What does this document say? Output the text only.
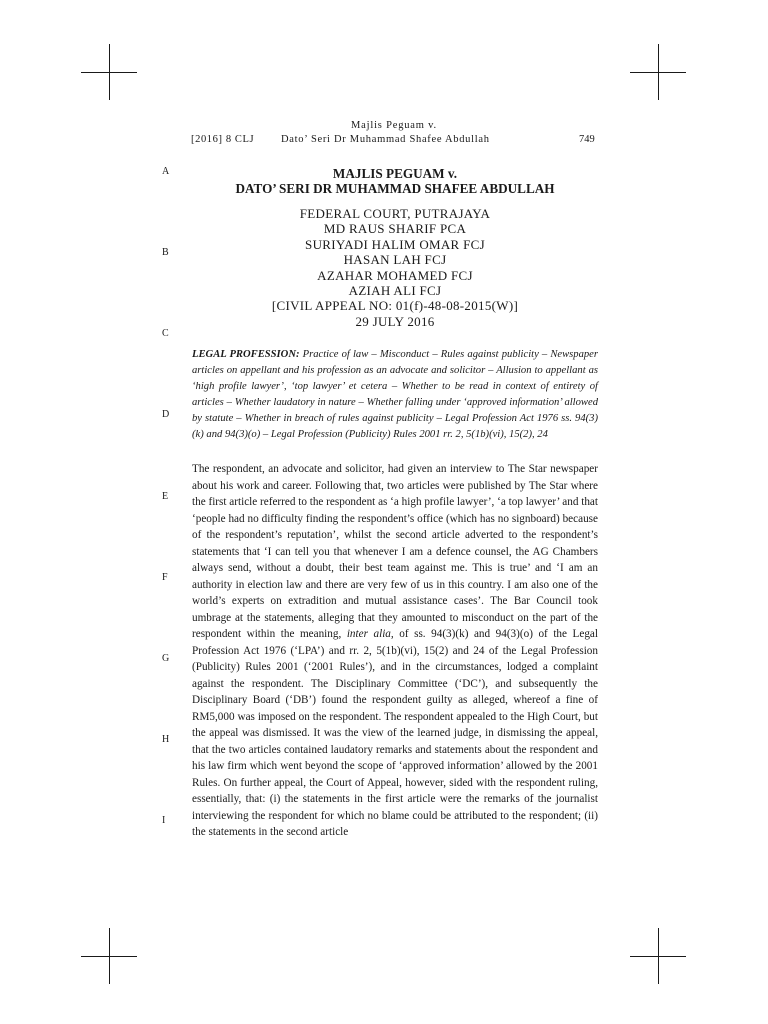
Majlis Peguam v.
[2016] 8 CLJ	Dato’ Seri Dr Muhammad Shafee Abdullah	749
A
B
C
D
E
F
G
H
I
MAJLIS PEGUAM v.
DATO’ SERI DR MUHAMMAD SHAFEE ABDULLAH
FEDERAL COURT, PUTRAJAYA
MD RAUS SHARIF PCA
SURIYADI HALIM OMAR FCJ
HASAN LAH FCJ
AZAHAR MOHAMED FCJ
AZIAH ALI FCJ
[CIVIL APPEAL NO: 01(f)-48-08-2015(W)]
29 JULY 2016
LEGAL PROFESSION: Practice of law – Misconduct – Rules against publicity – Newspaper articles on appellant and his profession as an advocate and solicitor – Allusion to appellant as ‘high profile lawyer’, ‘top lawyer’ et cetera – Whether to be read in context of entirety of articles – Whether laudatory in nature – Whether falling under ‘approved information’ allowed by statute – Whether in breach of rules against publicity – Legal Profession Act 1976 ss. 94(3)(k) and 94(3)(o) – Legal Profession (Publicity) Rules 2001 rr. 2, 5(1b)(vi), 15(2), 24
The respondent, an advocate and solicitor, had given an interview to The Star newspaper about his work and career. Following that, two articles were published by The Star where the first article referred to the respondent as ‘a high profile lawyer’, ‘a top lawyer’ and that ‘people had no difficulty finding the respondent’s office (which has no signboard) because of the respondent’s reputation’, whilst the second article adverted to the respondent’s statements that ‘I can tell you that whenever I am a defence counsel, the AG Chambers always send, without a doubt, their best team against me. This is true’ and ‘I am an authority in election law and there are very few of us in this country. I am also one of the world’s experts on extradition and mutual assistance cases’. The Bar Council took umbrage at the statements, alleging that they amounted to misconduct on the part of the respondent within the meaning, inter alia, of ss. 94(3)(k) and 94(3)(o) of the Legal Profession Act 1976 (‘LPA’) and rr. 2, 5(1b)(vi), 15(2) and 24 of the Legal Profession (Publicity) Rules 2001 (‘2001 Rules’), and in the circumstances, lodged a complaint against the respondent. The Disciplinary Committee (‘DC’), and subsequently the Disciplinary Board (‘DB’) found the respondent guilty as alleged, whereof a fine of RM5,000 was imposed on the respondent. The respondent appealed to the High Court, but the appeal was dismissed. It was the view of the learned judge, in dismissing the appeal, that the two articles contained laudatory remarks and statements about the respondent and his law firm which went beyond the scope of ‘approved information’ allowed by the 2001 Rules. On further appeal, the Court of Appeal, however, sided with the respondent ruling, essentially, that: (i) the statements in the first article were the remarks of the journalist interviewing the respondent for which no blame could be attributed to the respondent; (ii) the statements in the second article
